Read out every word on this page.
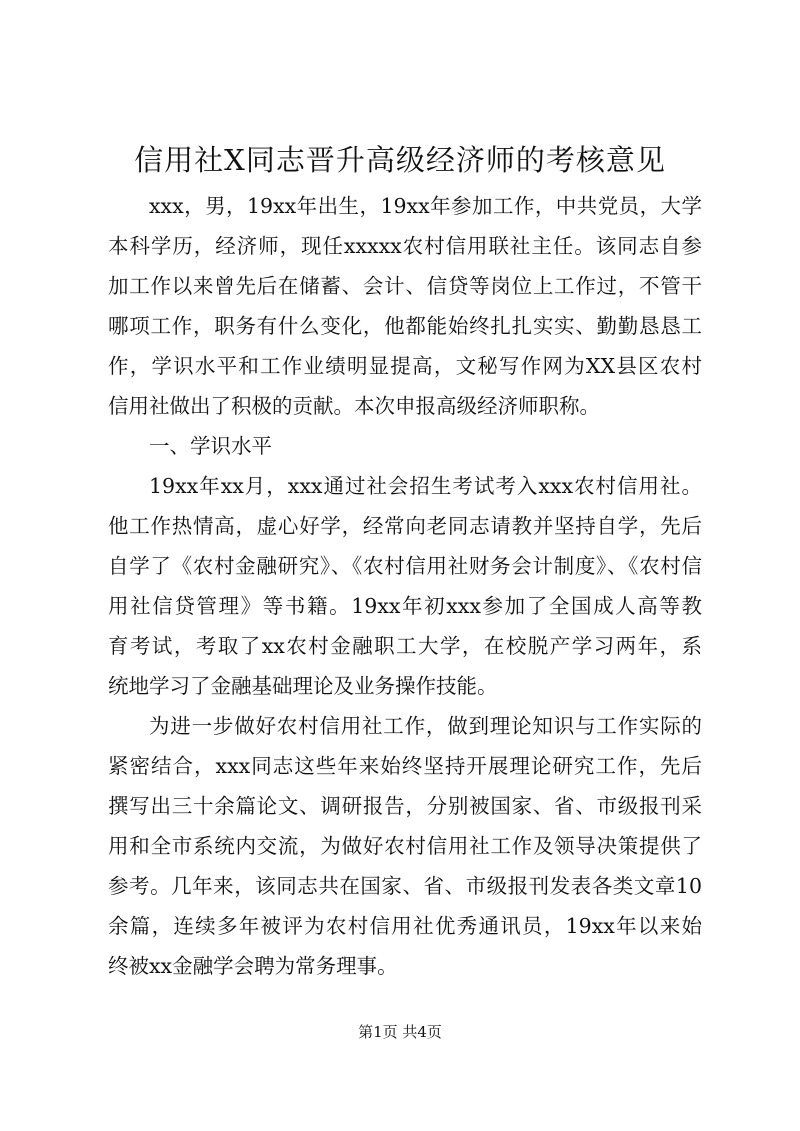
信用社X同志晋升高级经济师的考核意见
xxx，男，19xx年出生，19xx年参加工作，中共党员，大学
本科学历，经济师，现任xxxxx农村信用联社主任。该同志自参
加工作以来曾先后在储蓄、会计、信贷等岗位上工作过，不管干
哪项工作，职务有什么变化，他都能始终扎扎实实、勤勤恳恳工
作，学识水平和工作业绩明显提高，文秘写作网为XX县区农村
信用社做出了积极的贡献。本次申报高级经济师职称。
一、学识水平
19xx年xx月，xxx通过社会招生考试考入xxx农村信用社。
他工作热情高，虚心好学，经常向老同志请教并坚持自学，先后
自学了《农村金融研究》、《农村信用社财务会计制度》、《农村信
用社信贷管理》等书籍。19xx年初xxx参加了全国成人高等教
育考试，考取了xx农村金融职工大学，在校脱产学习两年，系
统地学习了金融基础理论及业务操作技能。
为进一步做好农村信用社工作，做到理论知识与工作实际的
紧密结合，xxx同志这些年来始终坚持开展理论研究工作，先后
撰写出三十余篇论文、调研报告，分别被国家、省、市级报刊采
用和全市系统内交流，为做好农村信用社工作及领导决策提供了
参考。几年来，该同志共在国家、省、市级报刊发表各类文章10
余篇，连续多年被评为农村信用社优秀通讯员，19xx年以来始
终被xx金融学会聘为常务理事。
第1页 共4页
